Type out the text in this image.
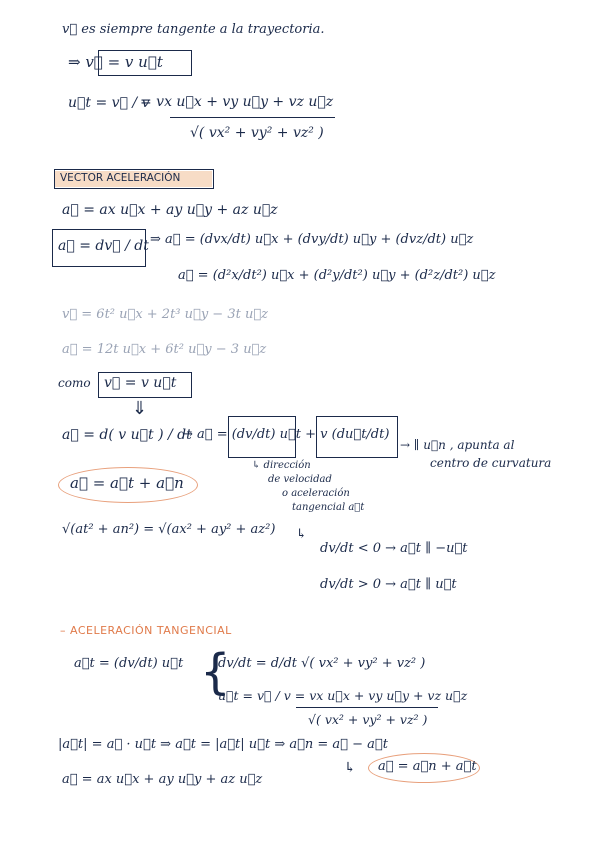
v⃗ es siempre tangente a la trayectoria.
⇒ v⃗ = v u⃗t
u⃗t = v⃗ / v
= vx u⃗x + vy u⃗y + vz u⃗z
√( vx² + vy² + vz² )
VECTOR ACELERACIÓN
a⃗ = ax u⃗x + ay u⃗y + az u⃗z
a⃗ = dv⃗ / dt ⇒ a⃗ = (dvx/dt) u⃗x + (dvy/dt) u⃗y + (dvz/dt) u⃗z
a⃗ = (d²x/dt²) u⃗x + (d²y/dt²) u⃗y + (d²z/dt²) u⃗z
v⃗ = 6t² u⃗x + 2t³ u⃗y − 3t u⃗z
a⃗ = 12t u⃗x + 6t² u⃗y − 3 u⃗z
como v⃗ = v u⃗t
⇓
a⃗ = d( v u⃗t ) / dt
→ a⃗ = (dv/dt) u⃗t + v (du⃗t/dt)
→ ∥ u⃗n , apunta al
centro de curvatura
a⃗ = a⃗t + a⃗n
↳ dirección
de velocidad
o aceleración
tangencial a⃗t
√(at² + an²) = √(ax² + ay² + az²) ↳
dv/dt < 0 → a⃗t ∥ −u⃗t
dv/dt > 0 → a⃗t ∥ u⃗t
– ACELERACIÓN TANGENCIAL
a⃗t = (dv/dt) u⃗t {
dv/dt = d/dt √( vx² + vy² + vz² )
u⃗t = v⃗ / v = vx u⃗x + vy u⃗y + vz u⃗z
√( vx² + vy² + vz² )
|a⃗t| = a⃗ · u⃗t ⇒ a⃗t = |a⃗t| u⃗t ⇒ a⃗n = a⃗ − a⃗t
↳ a⃗ = a⃗n + a⃗t
a⃗ = ax u⃗x + ay u⃗y + az u⃗z
